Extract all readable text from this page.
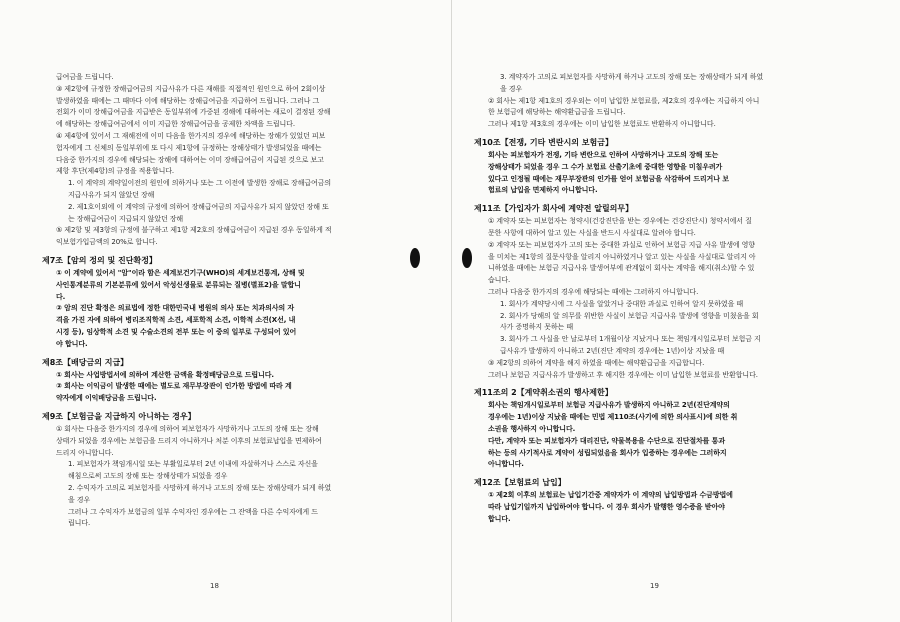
급여금을 드립니다.
③ 제2항에 규정한 장해급여금의 지급사유가 다른 재해를 직접적인 원인으로 하여 2회이상
발생하였을 때에는 그 때마다 이에 해당하는 장해급여금을 지급하여 드립니다. 그러나 그
전회가 이미 장해급여금을 지급받은 동일부위에 가중된 경해에 대하여는 새로이 결정된 장해
에 해당하는 장해급여금에서 이미 지급한 장해급여금을 공제한 차액을 드립니다.
④ 제4항에 있어서 그 재해전에 이미 다음을 한가지의 경우에 해당하는 장해가 있었던 피보
험자에게 그 신체의 동일부위에 또 다시 제1항에 규정하는 장해상태가 발생되었을 때에는
다음중 한가지의 경우에 해당되는 장해에 대하여는 이미 장해급여금이 지급된 것으로 보고
제항 후단(제4항)의 규정을 적용합니다.
1. 이 계약의 계약일이전의 원인에 의하거나 또는 그 이전에 발생한 장해로 장해급여금의
지급사유가 되지 않았던 장해
2. 제1호이외에 이 계약의 규정에 의하여 장해급여금의 지급사유가 되지 않았던 장해 또
는 장해급여금이 지급되지 않았던 장해
⑤ 제2항 및 제3항의 규정에 불구하고 제1항 제2호의 장해급여금이 지급된 경우 동일하게 적
익보험가입금액의 20%로 합니다.
제7조【암의 정의 및 진단확정】
① 이 계약에 있어서 "암"이라 함은 세계보건기구(WHO)의 세계보건통계, 상해 및
사인통계분류의 기본분류에 있어서 악성신생물로 분류되는 질병(별표2)을 말합니
다.
② 암의 진단 확정은 의료법에 정한 대한민국내 병원의 의사 또는 치과의사의 자
격을 가진 자에 의하여 병리조직학적 소견, 세포학적 소견, 이학적 소견(X선, 내
시경 등), 임상학적 소견 및 수술소견의 전부 또는 이 중의 일부로 구성되어 있어
야 합니다.
제8조【배당금의 지급】
① 회사는 사업방법서에 의하여 계산한 금액을 확정배당금으로 드립니다.
② 회사는 이익금이 발생한 때에는 별도로 재무부장관이 인가한 방법에 따라 계
약자에게 이익배당금을 드립니다.
제9조【보험금을 지급하지 아니하는 경우】
① 회사는 다음중 한가지의 경우에 의하여 피보험자가 사망하거나 고도의 장해 또는 장해
상태가 되었을 경우에는 보험금을 드리지 아니하거나 처분 이후의 보험료납입을 면제하여
드리지 아니합니다.
1. 피보험자가 책임개시일 또는 부활일로부터 2년 이내에 자살하거나 스스로 자신을
해침으로써 고도의 장해 또는 장해상태가 되었을 경우
2. 수익자가 고의로 피보험자를 사망하게 하거나 고도의 장해 또는 장해상태가 되게 하였
을 경우
그러나 그 수익자가 보험금의 일부 수익자인 경우에는 그 잔액을 다른 수익자에게 드
립니다.
18
3. 계약자가 고의로 피보험자를 사망하게 하거나 고도의 장해 또는 장해상태가 되게 하였
을 경우
② 회사는 제1항 제1호의 경우외는 이미 납입한 보험료를, 제2호의 경우에는 지급하지 아니
한 보험금에 해당하는 해약환급금을 드립니다.
그러나 제1항 제3호의 경우에는 이미 납입한 보험료도 반환하지 아니합니다.
제10조【전쟁, 기타 변란시의 보험금】
회사는 피보험자가 전쟁, 기타 변란으로 인하여 사망하거나 고도의 장해 또는
장해상태가 되었을 경우 그 수가 보험료 산출기초에 중대한 영향을 미칠우려가
있다고 인정될 때에는 재무부장관의 인가를 얻어 보험금을 삭감하여 드리거나 보
험료의 납입을 면제하지 아니합니다.
제11조【가입자가 회사에 계약전 알릴의무】
① 계약자 또는 피보험자는 청약시(건강진단을 받는 경우에는 건강진단시) 청약서에서 질
문한 사항에 대하여 알고 있는 사실을 반드시 사실대로 알려야 합니다.
② 계약자 또는 피보험자가 고의 또는 중대한 과실로 인하여 보험금 지급 사유 발생에 영향
을 미치는 제1항의 질문사항을 알리지 아니하였거나 알고 있는 사실을 사실대로 알리지 아
니하였을 때에는 보험금 지급사유 발생여부에 관계없이 회사는 계약을 해지(취소)할 수 있
습니다.
그러나 다음중 한가지의 경우에 해당되는 때에는 그러하지 아니합니다.
1. 회사가 계약당시에 그 사실을 알았거나 중대한 과실로 인하여 알지 못하였을 때
2. 회사가 당해의 알 의무를 위반한 사실이 보험금 지급사유 발생에 영향을 미쳤음을 회
사가 증명하지 못하는 때
3. 회사가 그 사실을 안 날로부터 1개월이상 지났거나 또는 책임개시일로부터 보험금 지
급사유가 발생하지 아니하고 2년(진단 계약의 경우에는 1년)이상 지났을 때
③ 제2항의 의하여 계약을 해지 하였을 때에는 해약환급금을 지급합니다.
그러나 보험금 지급사유가 발생하고 후 해지한 경우에는 이미 납입한 보험료를 반환합니다.
제11조의 2【계약취소권의 행사제한】
회사는 책임개시일로부터 보험금 지급사유가 발생하지 아니하고 2년(진단계약의
경우에는 1년)이상 지났을 때에는 민법 제110조(사기에 의한 의사표시)에 의한 취
소권을 행사하지 아니합니다.
다만, 계약자 또는 피보험자가 대리진단, 약물복용을 수단으로 진단절차를 통과
하는 등의 사기적사로 계약이 성립되었음을 회사가 입증하는 경우에는 그러하지
아니합니다.
제12조【보험료의 납입】
① 제2회 이후의 보험료는 납입기간중 계약자가 이 계약의 납입방법과 수금방법에
따라 납입기일까지 납입하여야 합니다. 이 경우 회사가 발행한 영수증을 받아야
합니다.
19
